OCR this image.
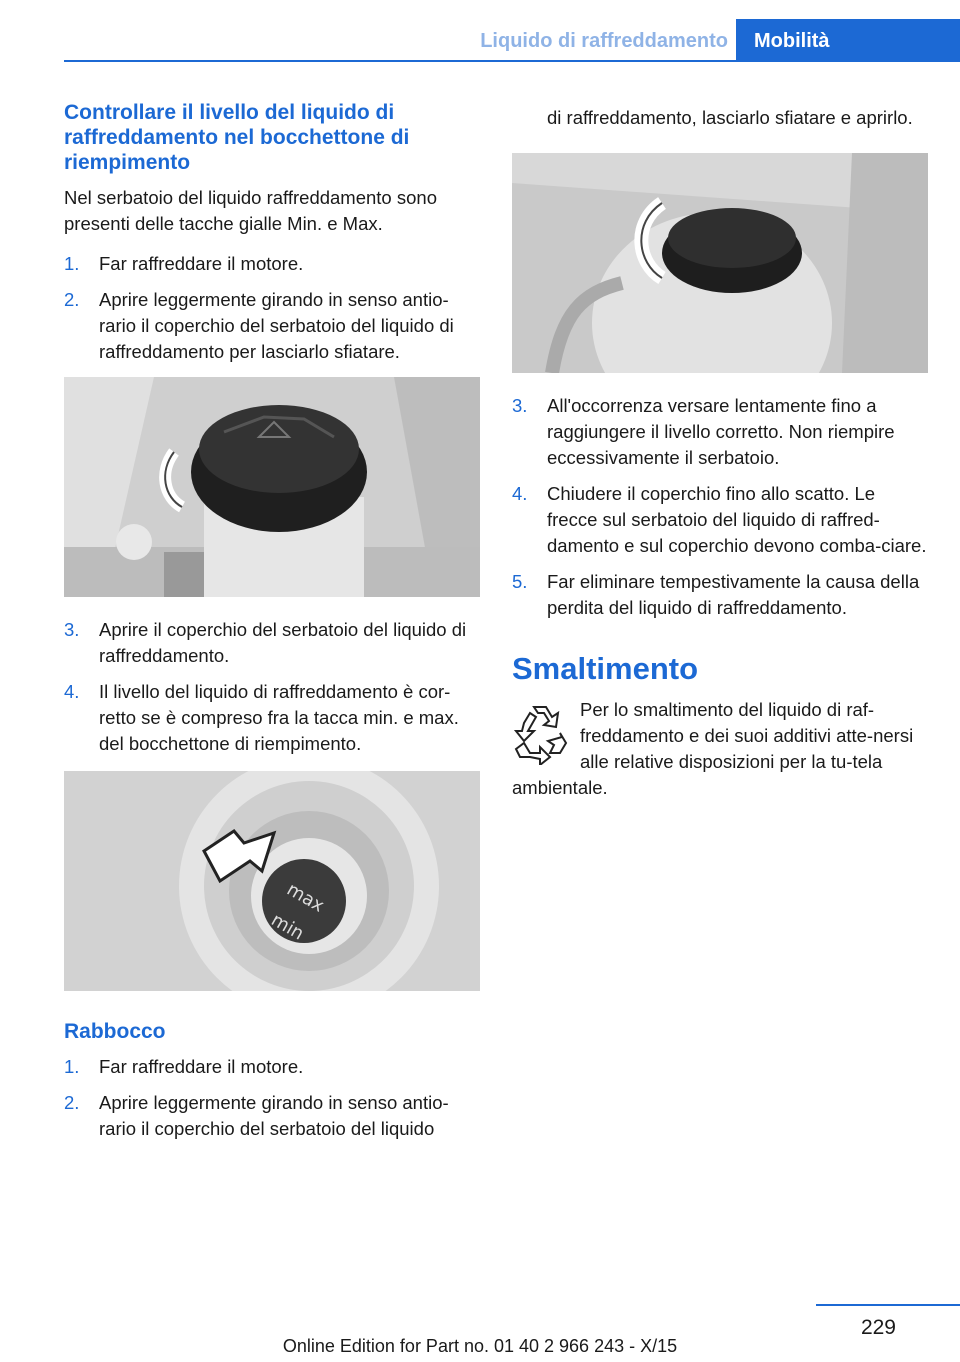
Liquido di raffreddamento	Mobilità
Controllare il livello del liquido di raffreddamento nel bocchettone di riempimento

Nel serbatoio del liquido raffreddamento sono presenti delle tacche gialle Min. e Max.

1. Far raffreddare il motore.
2. Aprire leggermente girando in senso antio‐rario il coperchio del serbatoio del liquido di raffreddamento per lasciarlo sfiatare.
3. Aprire il coperchio del serbatoio del liquido di raffreddamento.
4. Il livello del liquido di raffreddamento è cor‐retto se è compreso fra la tacca min. e max. del bocchettone di riempimento.
max
min
Rabbocco
1. Far raffreddare il motore.
2. Aprire leggermente girando in senso antio‐rario il coperchio del serbatoio del liquido

di raffreddamento, lasciarlo sfiatare e aprirlo.

3. All'occorrenza versare lentamente fino a raggiungere il livello corretto. Non riempire eccessivamente il serbatoio.
4. Chiudere il coperchio fino allo scatto. Le frecce sul serbatoio del liquido di raffred‐damento e sul coperchio devono comba‐ciare.
5. Far eliminare tempestivamente la causa della perdita del liquido di raffreddamento.
Smaltimento

Per lo smaltimento del liquido di raf‐freddamento e dei suoi additivi atte‐nersi alle relative disposizioni per la tu‐tela ambientale.

229
Online Edition for Part no. 01 40 2 966 243 - X/15
